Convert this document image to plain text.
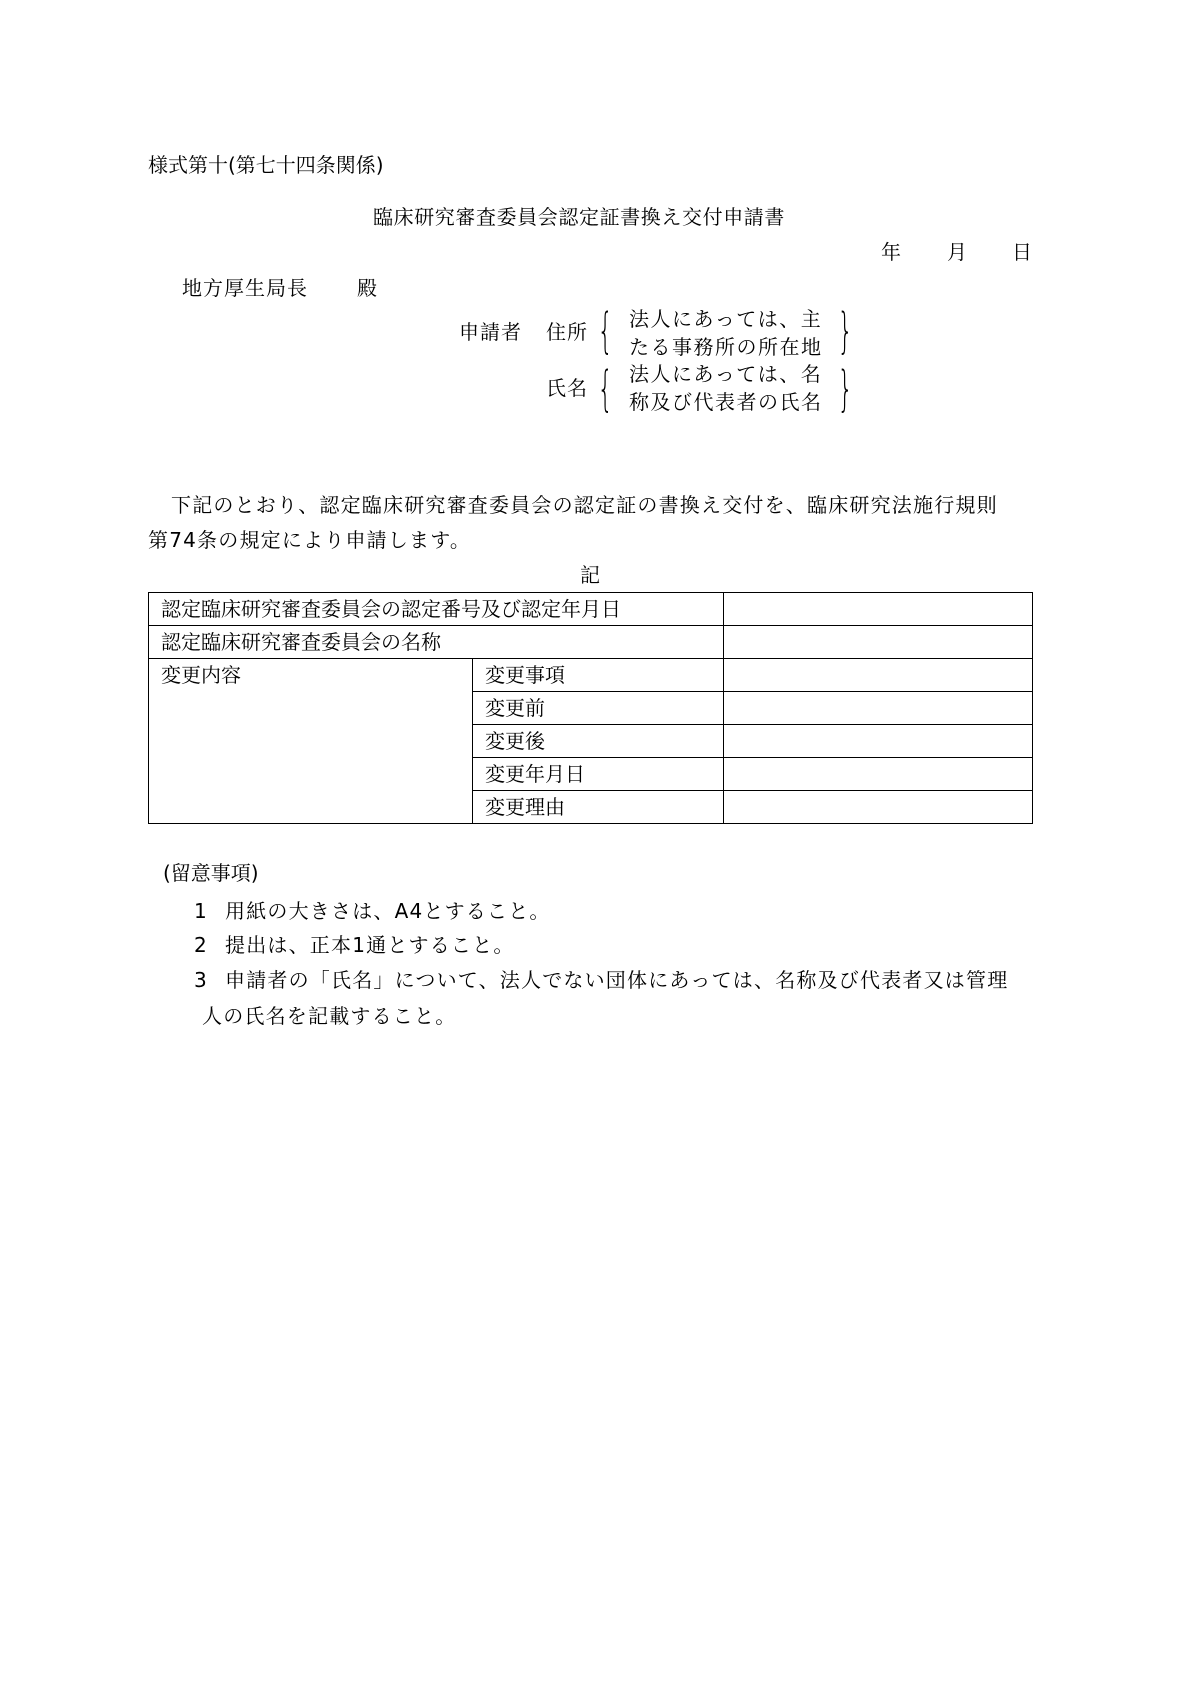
様式第十(第七十四条関係)
臨床研究審査委員会認定証書換え交付申請書
年 月 日
地方厚生局長 殿
申請者 住所 { 法人にあっては、主
たる事務所の所在地 }
氏名 { 法人にあっては、名
称及び代表者の氏名 }
下記のとおり、認定臨床研究審査委員会の認定証の書換え交付を、臨床研究法施行規則
第74条の規定により申請します。
記
認定臨床研究審査委員会の認定番号及び認定年月日		
認定臨床研究審査委員会の名称		
変更内容	変更事項	
	変更前	
	変更後	
	変更年月日	
	変更理由	
(留意事項)
1 用紙の大きさは、A4とすること。
2 提出は、正本1通とすること。
3 申請者の「氏名」について、法人でない団体にあっては、名称及び代表者又は管理
人の氏名を記載すること。
